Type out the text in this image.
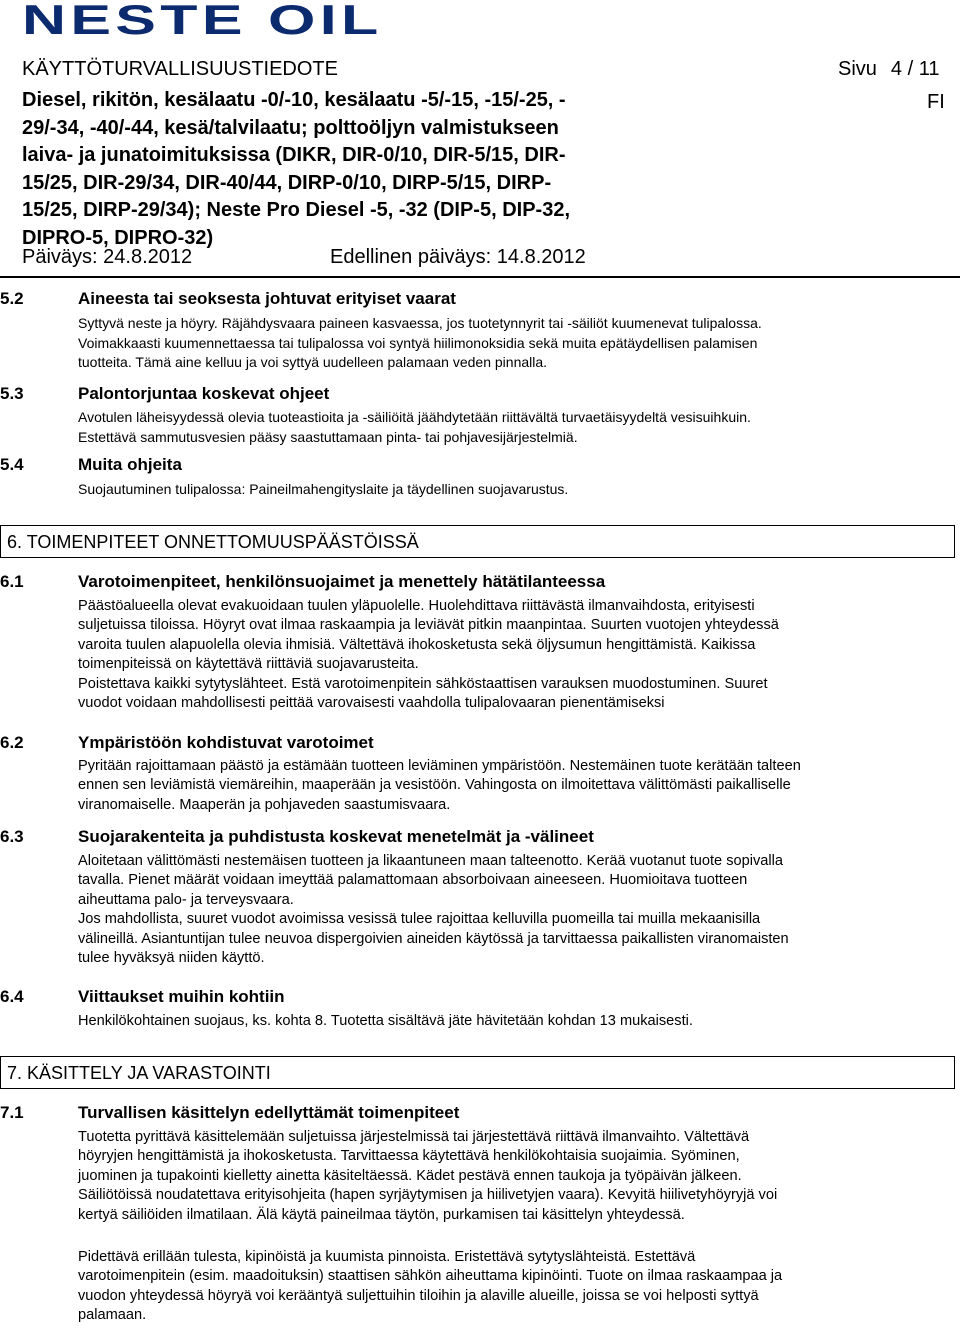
NESTE OIL
KÄYTTÖTURVALLISUUSTIEDOTE	Sivu 4 / 11
FI
Diesel, rikitön, kesälaatu -0/-10, kesälaatu -5/-15, -15/-25, -
29/-34, -40/-44, kesä/talvilaatu; polttoöljyn valmistukseen
laiva- ja junatoimituksissa (DIKR, DIR-0/10, DIR-5/15, DIR-
15/25, DIR-29/34, DIR-40/44, DIRP-0/10, DIRP-5/15, DIRP-
15/25, DIRP-29/34); Neste Pro Diesel -5, -32 (DIP-5, DIP-32,
DIPRO-5, DIPRO-32)
Päiväys: 24.8.2012	Edellinen päiväys: 14.8.2012
5.2	Aineesta tai seoksesta johtuvat erityiset vaarat
Syttyvä neste ja höyry. Räjähdysvaara paineen kasvaessa, jos tuotetynnyrit tai -säiliöt kuumenevat tulipalossa.
Voimakkaasti kuumennettaessa tai tulipalossa voi syntyä hiilimonoksidia sekä muita epätäydellisen palamisen
tuotteita. Tämä aine kelluu ja voi syttyä uudelleen palamaan veden pinnalla.
5.3	Palontorjuntaa koskevat ohjeet
Avotulen läheisyydessä olevia tuoteastioita ja -säiliöitä jäähdytetään riittävältä turvaetäisyydeltä vesisuihkuin.
Estettävä sammutusvesien pääsy saastuttamaan pinta- tai pohjavesijärjestelmiä.
5.4	Muita ohjeita
Suojautuminen tulipalossa: Paineilmahengityslaite ja täydellinen suojavarustus.
6. TOIMENPITEET ONNETTOMUUSPÄÄSTÖISSÄ
6.1	Varotoimenpiteet, henkilönsuojaimet ja menettely hätätilanteessa
Päästöalueella olevat evakuoidaan tuulen yläpuolelle. Huolehdittava riittävästä ilmanvaihdosta, erityisesti
suljetuissa tiloissa. Höyryt ovat ilmaa raskaampia ja leviävät pitkin maanpintaa. Suurten vuotojen yhteydessä
varoita tuulen alapuolella olevia ihmisiä. Vältettävä ihokosketusta sekä öljysumun hengittämistä. Kaikissa
toimenpiteissä on käytettävä riittäviä suojavarusteita.
Poistettava kaikki sytytyslähteet. Estä varotoimenpitein sähköstaattisen varauksen muodostuminen. Suuret
vuodot voidaan mahdollisesti peittää varovaisesti vaahdolla tulipalovaaran pienentämiseksi
6.2	Ympäristöön kohdistuvat varotoimet
Pyritään rajoittamaan päästö ja estämään tuotteen leviäminen ympäristöön. Nestemäinen tuote kerätään talteen
ennen sen leviämistä viemäreihin, maaperään ja vesistöön. Vahingosta on ilmoitettava välittömästi paikalliselle
viranomaiselle. Maaperän ja pohjaveden saastumisvaara.
6.3	Suojarakenteita ja puhdistusta koskevat menetelmät ja -välineet
Aloitetaan välittömästi nestemäisen tuotteen ja likaantuneen maan talteenotto. Kerää vuotanut tuote sopivalla
tavalla. Pienet määrät voidaan imeyttää palamattomaan absorboivaan aineeseen. Huomioitava tuotteen
aiheuttama palo- ja terveysvaara.
Jos mahdollista, suuret vuodot avoimissa vesissä tulee rajoittaa kelluvilla puomeilla tai muilla mekaanisilla
välineillä. Asiantuntijan tulee neuvoa dispergoivien aineiden käytössä ja tarvittaessa paikallisten viranomaisten
tulee hyväksyä niiden käyttö.
6.4	Viittaukset muihin kohtiin
Henkilökohtainen suojaus, ks. kohta 8. Tuotetta sisältävä jäte hävitetään kohdan 13 mukaisesti.
7. KÄSITTELY JA VARASTOINTI
7.1	Turvallisen käsittelyn edellyttämät toimenpiteet
Tuotetta pyrittävä käsittelemään suljetuissa järjestelmissä tai järjestettävä riittävä ilmanvaihto. Vältettävä
höyryjen hengittämistä ja ihokosketusta. Tarvittaessa käytettävä henkilökohtaisia suojaimia. Syöminen,
juominen ja tupakointi kielletty ainetta käsiteltäessä. Kädet pestävä ennen taukoja ja työpäivän jälkeen.
Säiliötöissä noudatettava erityisohjeita (hapen syrjäytymisen ja hiilivetyjen vaara). Kevyitä hiilivetyhöyryjä voi
kertyä säiliöiden ilmatilaan. Älä käytä paineilmaa täytön, purkamisen tai käsittelyn yhteydessä.
Pidettävä erillään tulesta, kipinöistä ja kuumista pinnoista. Eristettävä sytytyslähteistä. Estettävä
varotoimenpitein (esim. maadoituksin) staattisen sähkön aiheuttama kipinöinti. Tuote on ilmaa raskaampaa ja
vuodon yhteydessä höyryä voi kerääntyä suljettuihin tiloihin ja alaville alueille, joissa se voi helposti syttyä
palamaan.
